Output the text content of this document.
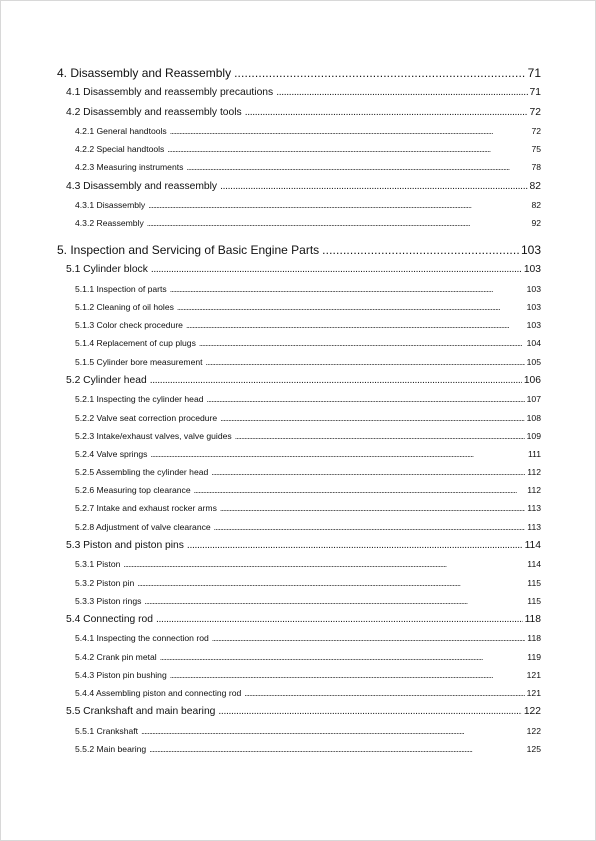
4. Disassembly and Reassembly . . .	71
4.1 Disassembly and reassembly precautions . . .	71
4.2 Disassembly and reassembly tools . . .	72
4.2.1 General handtools . . .	72
4.2.2 Special handtools . . .	75
4.2.3 Measuring instruments . . .	78
4.3 Disassembly and reassembly . . .	82
4.3.1 Disassembly . . .	82
4.3.2 Reassembly . . .	92
5. Inspection and Servicing of Basic Engine Parts . . .	103
5.1 Cylinder block . . .	103
5.1.1 Inspection of parts . . .	103
5.1.2 Cleaning of oil holes . . .	103
5.1.3 Color check procedure . . .	103
5.1.4 Replacement of cup plugs . . .	104
5.1.5 Cylinder bore measurement . . .	105
5.2 Cylinder head . . .	106
5.2.1 Inspecting the cylinder head . . .	107
5.2.2 Valve seat correction procedure . . .	108
5.2.3 Intake/exhaust valves, valve guides . . .	109
5.2.4 Valve springs . . .	111
5.2.5 Assembling the cylinder head . . .	112
5.2.6 Measuring top clearance . . .	112
5.2.7 Intake and exhaust rocker arms . . .	113
5.2.8 Adjustment of valve clearance . . .	113
5.3 Piston and piston pins . . .	114
5.3.1 Piston . . .	114
5.3.2 Piston pin . . .	115
5.3.3 Piston rings . . .	115
5.4 Connecting rod . . .	118
5.4.1 Inspecting the connection rod . . .	118
5.4.2 Crank pin metal . . .	119
5.4.3 Piston pin bushing . . .	121
5.4.4 Assembling piston and connecting rod . . .	121
5.5 Crankshaft and main bearing . . .	122
5.5.1 Crankshaft . . .	122
5.5.2 Main bearing . . .	125
